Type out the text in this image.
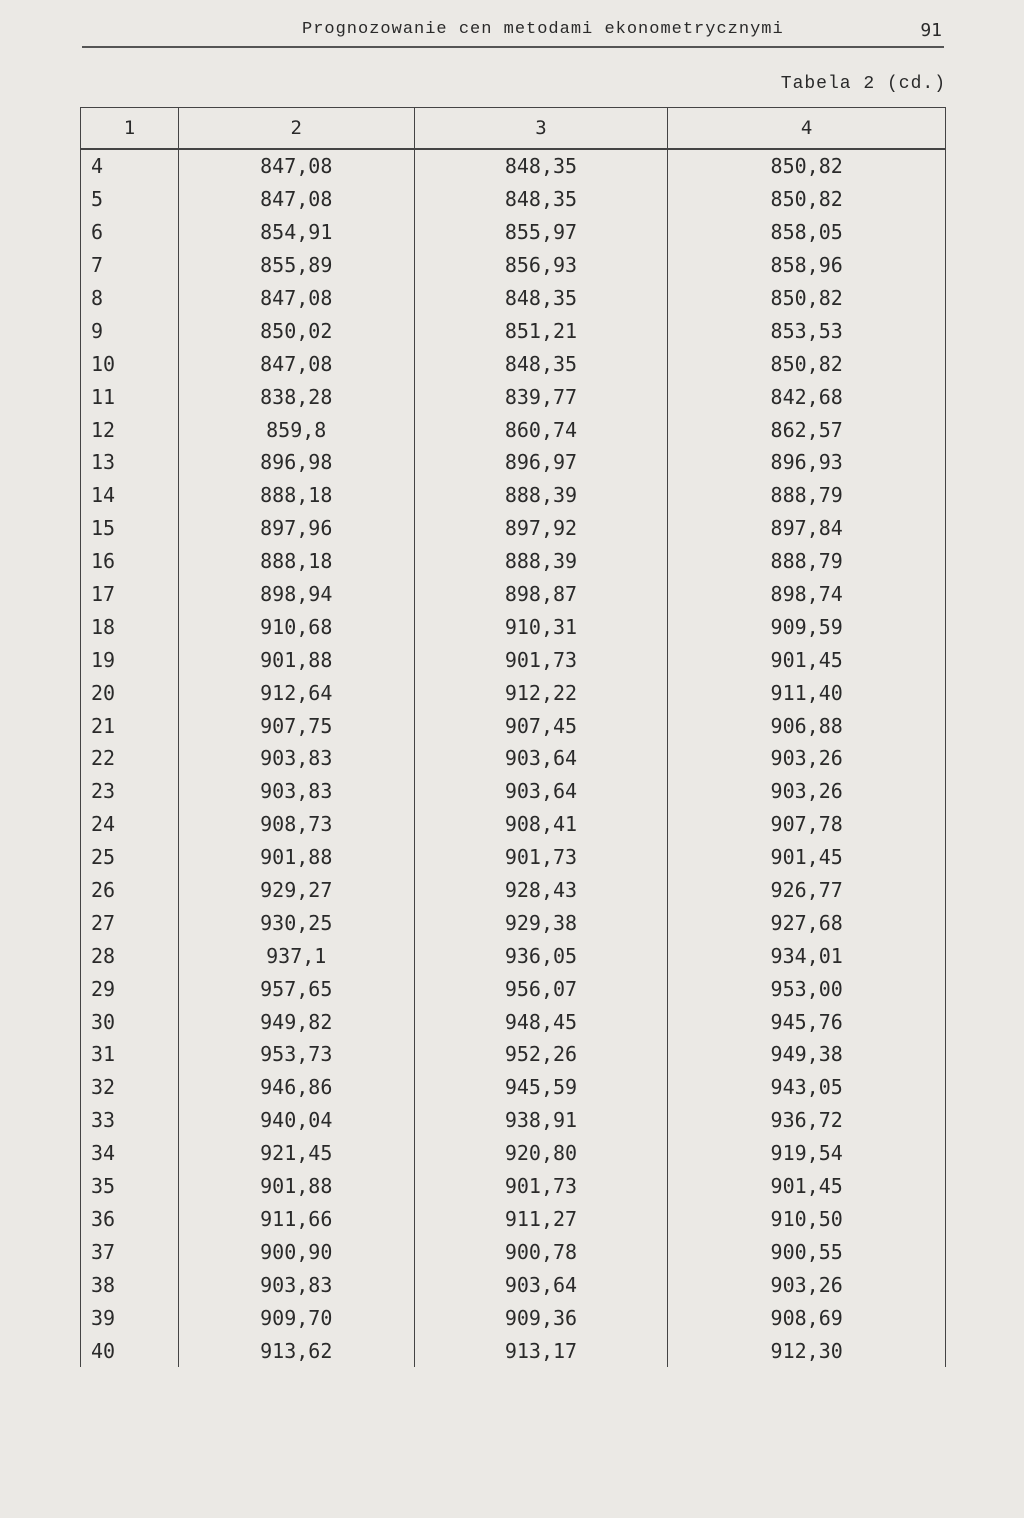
Prognozowanie cen metodami ekonometrycznymi	91
Tabela 2 (cd.)
1	2	3	4
4	847,08	848,35	850,82
5	847,08	848,35	850,82
6	854,91	855,97	858,05
7	855,89	856,93	858,96
8	847,08	848,35	850,82
9	850,02	851,21	853,53
10	847,08	848,35	850,82
11	838,28	839,77	842,68
12	859,8	860,74	862,57
13	896,98	896,97	896,93
14	888,18	888,39	888,79
15	897,96	897,92	897,84
16	888,18	888,39	888,79
17	898,94	898,87	898,74
18	910,68	910,31	909,59
19	901,88	901,73	901,45
20	912,64	912,22	911,40
21	907,75	907,45	906,88
22	903,83	903,64	903,26
23	903,83	903,64	903,26
24	908,73	908,41	907,78
25	901,88	901,73	901,45
26	929,27	928,43	926,77
27	930,25	929,38	927,68
28	937,1	936,05	934,01
29	957,65	956,07	953,00
30	949,82	948,45	945,76
31	953,73	952,26	949,38
32	946,86	945,59	943,05
33	940,04	938,91	936,72
34	921,45	920,80	919,54
35	901,88	901,73	901,45
36	911,66	911,27	910,50
37	900,90	900,78	900,55
38	903,83	903,64	903,26
39	909,70	909,36	908,69
40	913,62	913,17	912,30
